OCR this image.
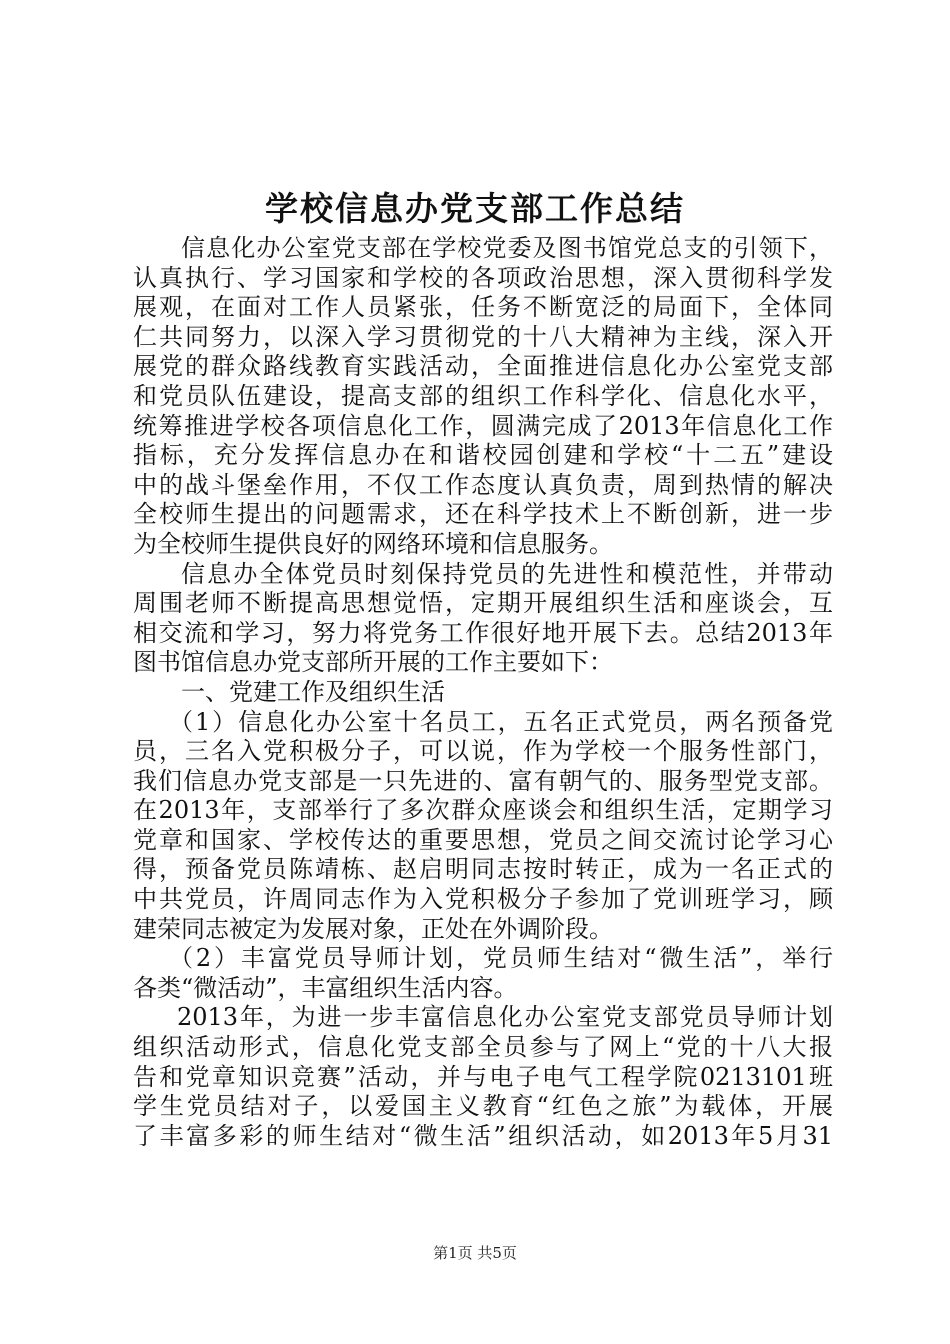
学校信息办党支部工作总结
信息化办公室党支部在学校党委及图书馆党总支的引领下，
认真执行、学习国家和学校的各项政治思想，深入贯彻科学发
展观，在面对工作人员紧张，任务不断宽泛的局面下，全体同
仁共同努力，以深入学习贯彻党的十八大精神为主线，深入开
展党的群众路线教育实践活动，全面推进信息化办公室党支部
和党员队伍建设，提高支部的组织工作科学化、信息化水平，
统筹推进学校各项信息化工作，圆满完成了2013年信息化工作
指标，充分发挥信息办在和谐校园创建和学校“十二五”建设
中的战斗堡垒作用，不仅工作态度认真负责，周到热情的解决
全校师生提出的问题需求，还在科学技术上不断创新，进一步
为全校师生提供良好的网络环境和信息服务。
信息办全体党员时刻保持党员的先进性和模范性，并带动
周围老师不断提高思想觉悟，定期开展组织生活和座谈会，互
相交流和学习，努力将党务工作很好地开展下去。总结2013年
图书馆信息办党支部所开展的工作主要如下：
一、党建工作及组织生活
（1）信息化办公室十名员工，五名正式党员，两名预备党
员，三名入党积极分子，可以说，作为学校一个服务性部门，
我们信息办党支部是一只先进的、富有朝气的、服务型党支部。
在2013年，支部举行了多次群众座谈会和组织生活，定期学习
党章和国家、学校传达的重要思想，党员之间交流讨论学习心
得，预备党员陈靖栋、赵启明同志按时转正，成为一名正式的
中共党员，许周同志作为入党积极分子参加了党训班学习，顾
建荣同志被定为发展对象，正处在外调阶段。
（2）丰富党员导师计划，党员师生结对“微生活”，举行
各类“微活动”，丰富组织生活内容。
2013年，为进一步丰富信息化办公室党支部党员导师计划
组织活动形式，信息化党支部全员参与了网上“党的十八大报
告和党章知识竞赛”活动，并与电子电气工程学院0213101班
学生党员结对子，以爱国主义教育“红色之旅”为载体，开展
了丰富多彩的师生结对“微生活”组织活动，如2013年5月31
第1页 共5页
